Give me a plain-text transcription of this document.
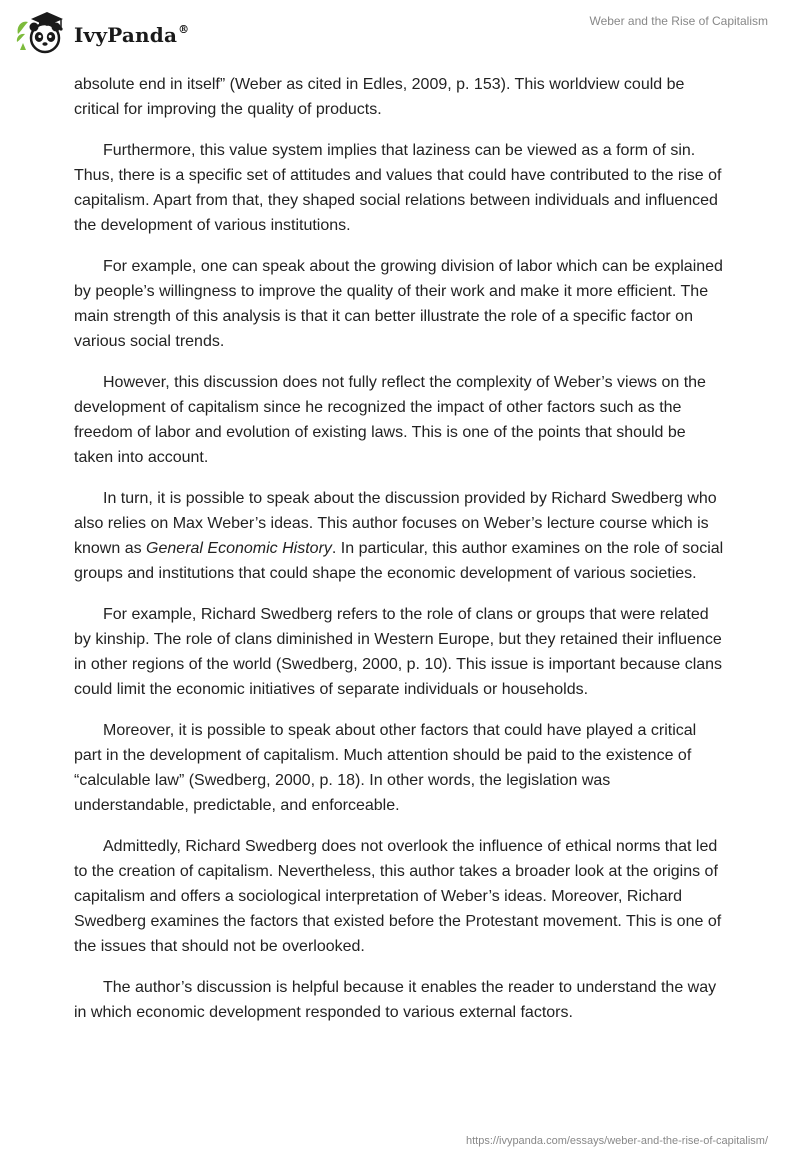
IvyPanda®
Weber and the Rise of Capitalism

absolute end in itself” (Weber as cited in Edles, 2009, p. 153). This worldview could be critical for improving the quality of products.

Furthermore, this value system implies that laziness can be viewed as a form of sin. Thus, there is a specific set of attitudes and values that could have contributed to the rise of capitalism. Apart from that, they shaped social relations between individuals and influenced the development of various institutions.

For example, one can speak about the growing division of labor which can be explained by people’s willingness to improve the quality of their work and make it more efficient. The main strength of this analysis is that it can better illustrate the role of a specific factor on various social trends.

However, this discussion does not fully reflect the complexity of Weber’s views on the development of capitalism since he recognized the impact of other factors such as the freedom of labor and evolution of existing laws. This is one of the points that should be taken into account.

In turn, it is possible to speak about the discussion provided by Richard Swedberg who also relies on Max Weber’s ideas. This author focuses on Weber’s lecture course which is known as General Economic History. In particular, this author examines on the role of social groups and institutions that could shape the economic development of various societies.

For example, Richard Swedberg refers to the role of clans or groups that were related by kinship. The role of clans diminished in Western Europe, but they retained their influence in other regions of the world (Swedberg, 2000, p. 10). This issue is important because clans could limit the economic initiatives of separate individuals or households.

Moreover, it is possible to speak about other factors that could have played a critical part in the development of capitalism. Much attention should be paid to the existence of “calculable law” (Swedberg, 2000, p. 18). In other words, the legislation was understandable, predictable, and enforceable.

Admittedly, Richard Swedberg does not overlook the influence of ethical norms that led to the creation of capitalism. Nevertheless, this author takes a broader look at the origins of capitalism and offers a sociological interpretation of Weber’s ideas. Moreover, Richard Swedberg examines the factors that existed before the Protestant movement. This is one of the issues that should not be overlooked.

The author’s discussion is helpful because it enables the reader to understand the way in which economic development responded to various external factors.

https://ivypanda.com/essays/weber-and-the-rise-of-capitalism/
